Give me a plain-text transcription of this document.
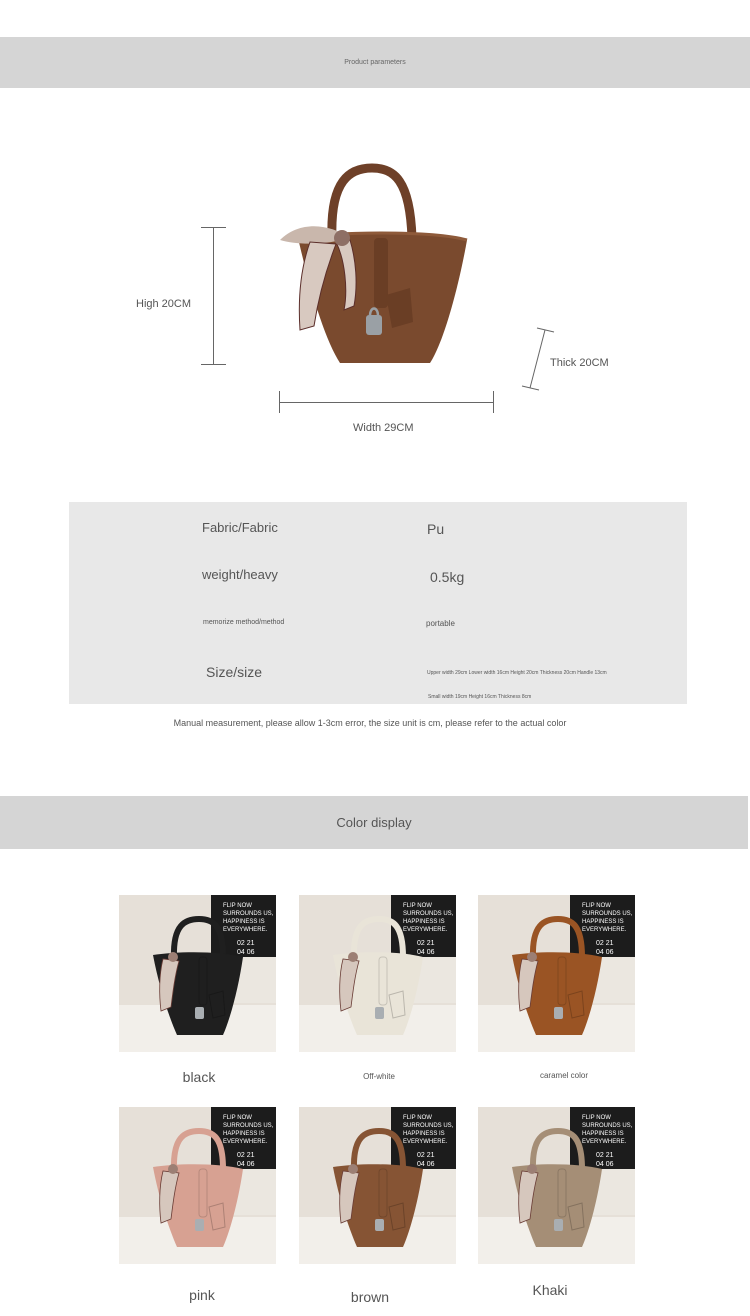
Product parameters
High 20CM
Width 29CM
Thick 20CM
Fabric/Fabric	Pu
weight/heavy	0.5kg
memorize method/method	portable
Size/size	Upper width 29cm Lower width 16cm Height 20cm Thickness 20cm Handle 13cm
Small width 19cm Height 16cm Thickness 8cm
Manual measurement, please allow 1-3cm error, the size unit is cm, please refer to the actual color
Color display
FLIP NOW
SURROUNDS US,
HAPPINESS IS
EVERYWHERE.
02 21
04 06
black
FLIP NOW
SURROUNDS US,
HAPPINESS IS
EVERYWHERE.
02 21
04 06
Off-white
FLIP NOW
SURROUNDS US,
HAPPINESS IS
EVERYWHERE.
02 21
04 06
caramel color
FLIP NOW
SURROUNDS US,
HAPPINESS IS
EVERYWHERE.
02 21
04 06
pink
FLIP NOW
SURROUNDS US,
HAPPINESS IS
EVERYWHERE.
02 21
04 06
brown
FLIP NOW
SURROUNDS US,
HAPPINESS IS
EVERYWHERE.
02 21
04 06
Khaki
